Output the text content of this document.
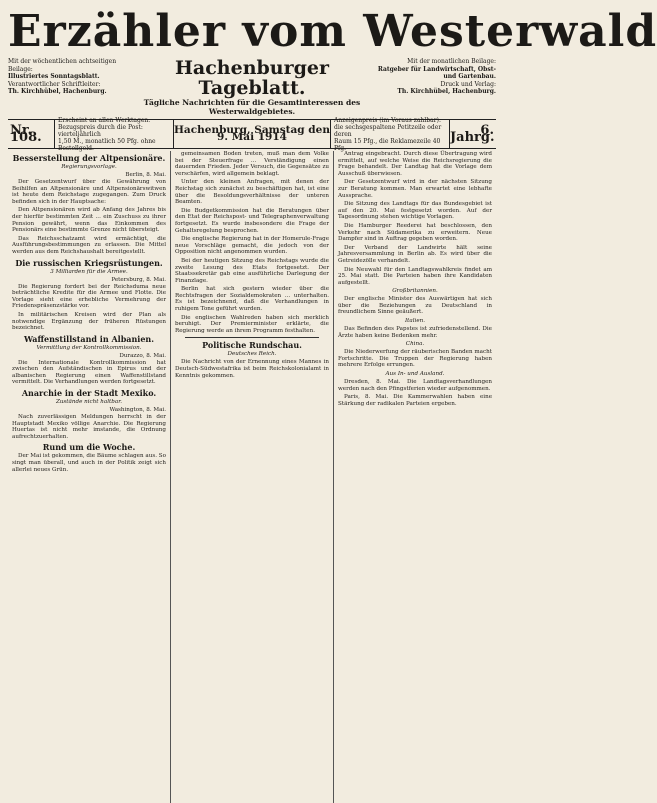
Erzähler vom Westerwald
Mit der wöchentlichen achtseitigen Beilage:
Illustriertes Sonntagsblatt.
Verantwortlicher Schriftleiter:
Th. Kirchhübel, Hachenburg.
Hachenburger Tageblatt.
Tägliche Nachrichten für die Gesamtinteressen des Westerwaldgebietes.
Mit der monatlichen Beilage:
Ratgeber für Landwirtschaft, Obst- und Gartenbau.
Druck und Verlag:
Th. Kirchhübel, Hachenburg.
Nr. 108.
Erscheint an allen Werktagen.
Bezugspreis durch die Post: vierteljährlich
1,50 M., monatlich 50 Pfg. ohne Bestellgeld.
Hachenburg, Samstag den 9. Mai 1914
Anzeigenpreis (im Voraus zahlbar):
die sechsgespaltene Petitzeile oder deren
Raum 15 Pfg., die Reklamezeile 40 Pfg.
6. Jahrg.
Besserstellung der Altpensionäre.
Regierungsvorlage.
Berlin, 8. Mai.

Der Gesetzentwurf über die Gewährung von Beihilfen an Altpensionäre und Altpensionärswitwen ist heute dem Reichstage zugegangen. Zum Druck befinden sich in der Hauptsache:

Den Altpensionären wird ab Anfang des Jahres bis der hierfür bestimmten Zeit ... ein Zuschuss zu ihrer Pension gewährt, wenn das Einkommen des Pensionärs eine bestimmte Grenze nicht übersteigt.

Das Reichsschatzamt wird ermächtigt, die Ausführungsbestimmungen zu erlassen. Die Mittel werden aus dem Reichshaushalt bereitgestellt.

Die russischen Kriegsrüstungen.
3 Milliarden für die Armee.
Petersburg, 8. Mai.

Die Regierung fordert bei der Reichsduma neue beträchtliche Kredite für die Armee und Flotte. Die Vorlage sieht eine erhebliche Vermehrung der Friedenspräsenzstärke vor.

In militärischen Kreisen wird der Plan als notwendige Ergänzung der früheren Rüstungen bezeichnet.

Waffenstillstand in Albanien.
Vermittlung der Kontrollkommission.
Durazzo, 8. Mai.

Die Internationale Kontrollkommission hat zwischen den Aufständischen in Epirus und der albanischen Regierung einen Waffenstillstand vermittelt. Die Verhandlungen werden fortgesetzt.

Anarchie in der Stadt Mexiko.
Zustände nicht haltbar.
Washington, 8. Mai.

Nach zuverlässigen Meldungen herrscht in der Hauptstadt Mexiko völlige Anarchie. Die Regierung Huertas ist nicht mehr imstande, die Ordnung aufrechtzuerhalten.

Rund um die Woche.

Der Mai ist gekommen, die Bäume schlagen aus. So singt man überall, und auch in der Politik zeigt sich allerlei neues Grün.

gemeinsamen Boden treten, muß man dem Volke bei der Steuerfrage ... Verständigung einen dauernden Frieden. Jeder Versuch, die Gegensätze zu verschärfen, wird allgemein beklagt.

Unter den kleinen Anfragen, mit denen der Reichstag sich zunächst zu beschäftigen hat, ist eine über die Besoldungsverhältnisse der unteren Beamten.

Die Budgetkommission hat die Beratungen über den Etat der Reichspost- und Telegraphenverwaltung fortgesetzt. Es wurde insbesondere die Frage der Gehaltsregelung besprochen.

Die englische Regierung hat in der Homerule-Frage neue Vorschläge gemacht, die jedoch von der Opposition nicht angenommen wurden.

Bei der heutigen Sitzung des Reichstags wurde die zweite Lesung des Etats fortgesetzt. Der Staatssekretär gab eine ausführliche Darlegung der Finanzlage.

Berlin hat sich gestern wieder über die Rechtsfragen der Sozialdemokraten ... unterhalten. Es ist bezeichnend, daß die Verhandlungen in ruhigem Tone geführt wurden.

Die englischen Wahlreden haben sich merklich beruhigt. Der Premierminister erklärte, die Regierung werde an ihrem Programm festhalten.

Politische Rundschau.
Deutsches Reich.

Die Nachricht von der Ernennung eines Mannes in Deutsch-Südwestafrika ist beim Reichskolonialamt in Kenntnis gekommen.

Antrag eingebracht. Durch diese Übertragung wird ermittelt, auf welche Weise die Reichsregierung die Frage behandelt. Der Landtag hat die Vorlage dem Ausschuß überwiesen.

Der Gesetzentwurf wird in der nächsten Sitzung zur Beratung kommen. Man erwartet eine lebhafte Aussprache.

Die Sitzung des Landtags für das Bundesgebiet ist auf den 20. Mai festgesetzt worden. Auf der Tagesordnung stehen wichtige Vorlagen.

Die Hamburger Reederei hat beschlossen, den Verkehr nach Südamerika zu erweitern. Neue Dampfer sind in Auftrag gegeben worden.

Der Verband der Landwirte hält seine Jahresversammlung in Berlin ab. Es wird über die Getreidezölle verhandelt.

Die Neuwahl für den Landtagswahlkreis findet am 25. Mai statt. Die Parteien haben ihre Kandidaten aufgestellt.

Großbritannien.

Der englische Minister des Auswärtigen hat sich über die Beziehungen zu Deutschland in freundlichem Sinne geäußert.

Italien.

Das Befinden des Papstes ist zufriedenstellend. Die Ärzte haben keine Bedenken mehr.

China.

Die Niederwerfung der räuberischen Banden macht Fortschritte. Die Truppen der Regierung haben mehrere Erfolge errungen.

Aus In- und Ausland.

Dresden, 8. Mai. Die Landtagsverhandlungen werden nach den Pfingstferien wieder aufgenommen.

Paris, 8. Mai. Die Kammerwahlen haben eine Stärkung der radikalen Parteien ergeben.
